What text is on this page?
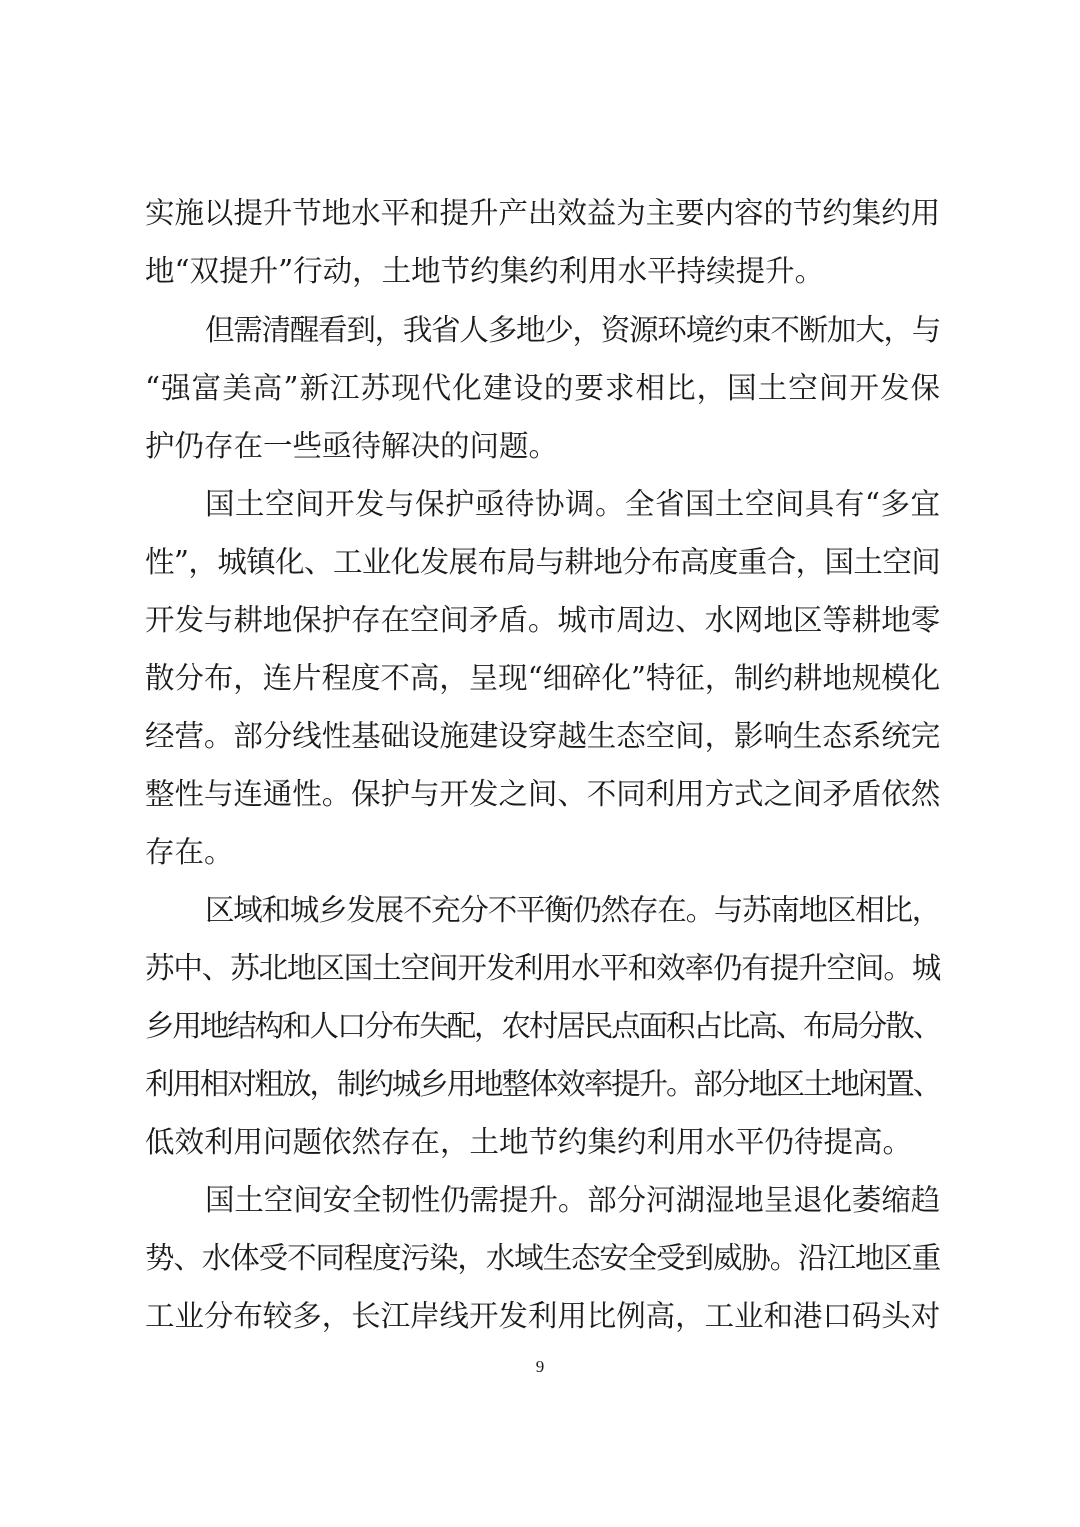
实施以提升节地水平和提升产出效益为主要内容的节约集约用
地“双提升”行动，土地节约集约利用水平持续提升。
但需清醒看到，我省人多地少，资源环境约束不断加大，与
“强富美高”新江苏现代化建设的要求相比，国土空间开发保
护仍存在一些亟待解决的问题。
国土空间开发与保护亟待协调。全省国土空间具有“多宜
性”，城镇化、工业化发展布局与耕地分布高度重合，国土空间
开发与耕地保护存在空间矛盾。城市周边、水网地区等耕地零
散分布，连片程度不高，呈现“细碎化”特征，制约耕地规模化
经营。部分线性基础设施建设穿越生态空间，影响生态系统完
整性与连通性。保护与开发之间、不同利用方式之间矛盾依然
存在。
区域和城乡发展不充分不平衡仍然存在。与苏南地区相比，
苏中、苏北地区国土空间开发利用水平和效率仍有提升空间。城
乡用地结构和人口分布失配，农村居民点面积占比高、布局分散、
利用相对粗放，制约城乡用地整体效率提升。部分地区土地闲置、
低效利用问题依然存在，土地节约集约利用水平仍待提高。
国土空间安全韧性仍需提升。部分河湖湿地呈退化萎缩趋
势、水体受不同程度污染，水域生态安全受到威胁。沿江地区重
工业分布较多，长江岸线开发利用比例高，工业和港口码头对
9
